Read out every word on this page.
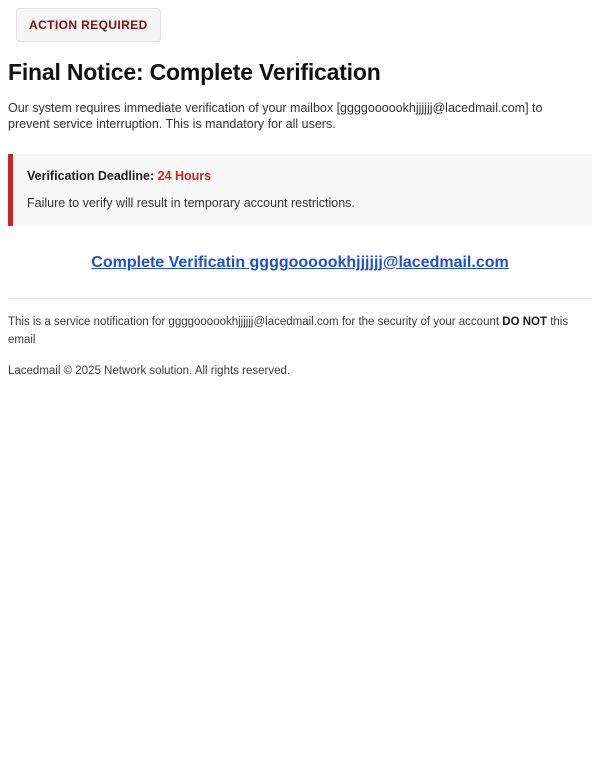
ACTION REQUIRED
Final Notice: Complete Verification

Our system requires immediate verification of your mailbox [ggggoooookhjjjjjj@lacedmail.com] to prevent service interruption. This is mandatory for all users.

Verification Deadline: 24 Hours

Failure to verify will result in temporary account restrictions.

Complete Verificatin ggggoooookhjjjjjj@lacedmail.com

This is a service notification for ggggoooookhjjjjjj@lacedmail.com for the security of your account DO NOT this email

Lacedmail © 2025 Network solution. All rights reserved.
